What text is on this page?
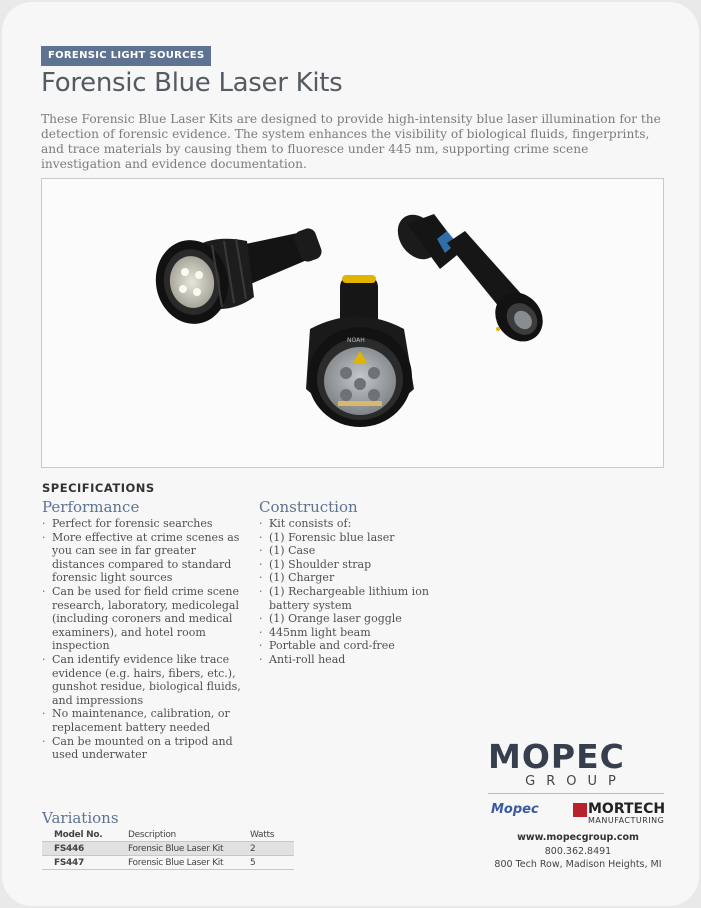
FORENSIC LIGHT SOURCES
Forensic Blue Laser Kits

These Forensic Blue Laser Kits are designed to provide high-intensity blue laser illumination for the detection of forensic evidence. The system enhances the visibility of biological fluids, fingerprints, and trace materials by causing them to fluoresce under 445 nm, supporting crime scene investigation and evidence documentation.

NOAH
SPECIFICATIONS
Performance
· Perfect for forensic searches
· More effective at crime scenes as you can see in far greater distances compared to standard forensic light sources
· Can be used for field crime scene research, laboratory, medicolegal (including coroners and medical examiners), and hotel room inspection
· Can identify evidence like trace evidence (e.g. hairs, fibers, etc.), gunshot residue, biological fluids, and impressions
· No maintenance, calibration, or replacement battery needed
· Can be mounted on a tripod and used underwater
Construction
· Kit consists of:
· (1) Forensic blue laser
· (1) Case
· (1) Shoulder strap
· (1) Charger
· (1) Rechargeable lithium ion battery system
· (1) Orange laser goggle
· 445nm light beam
· Portable and cord-free
· Anti-roll head
Variations
Model No.	Description	Watts
FS446	Forensic Blue Laser Kit	2
FS447	Forensic Blue Laser Kit	5
MOPEC
GROUP
Mopec	MORTECH
MANUFACTURING
www.mopecgroup.com
800.362.8491
800 Tech Row, Madison Heights, MI
